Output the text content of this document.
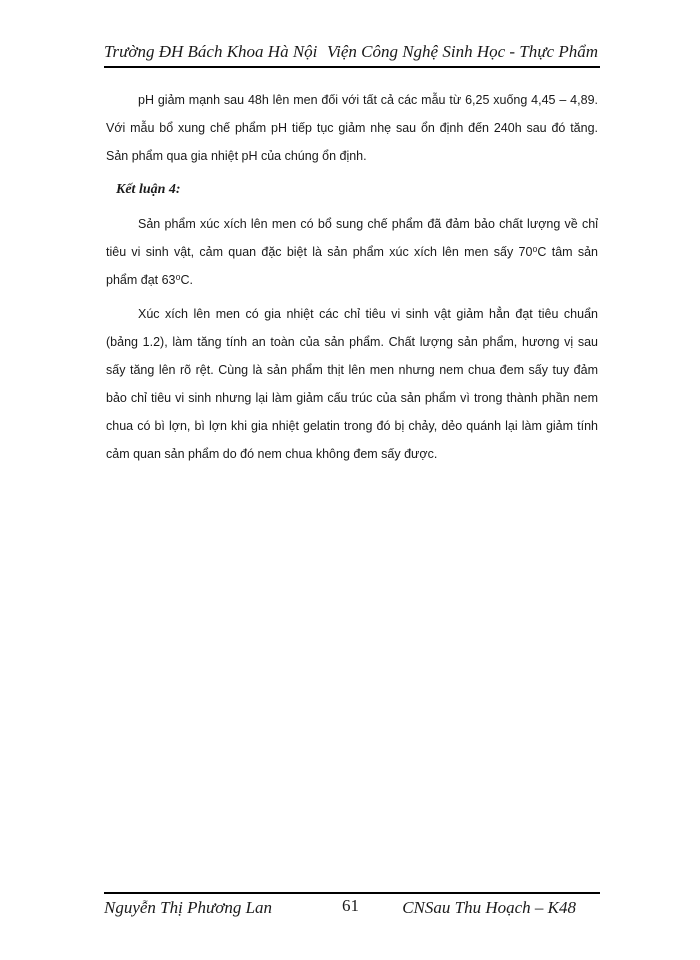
Trường ĐH Bách Khoa Hà Nội Viện Công Nghệ Sinh Học - Thực Phẩm

pH giảm mạnh sau 48h lên men đối với tất cả các mẫu từ 6,25 xuống 4,45 – 4,89. Với mẫu bổ xung chế phẩm pH tiếp tục giảm nhẹ sau ổn định đến 240h sau đó tăng. Sản phẩm qua gia nhiệt pH của chúng ổn định.

Kết luận 4:

Sản phẩm xúc xích lên men có bổ sung chế phẩm đã đảm bảo chất lượng về chỉ tiêu vi sinh vật, cảm quan đặc biệt là sản phẩm xúc xích lên men sấy 70⁰C tâm sản phẩm đạt 63⁰C.

Xúc xích lên men có gia nhiệt các chỉ tiêu vi sinh vật giảm hẳn đạt tiêu chuẩn (bảng 1.2), làm tăng tính an toàn của sản phẩm. Chất lượng sản phẩm, hương vị sau sấy tăng lên rõ rệt. Cùng là sản phẩm thịt lên men nhưng nem chua đem sấy tuy đảm bảo chỉ tiêu vi sinh nhưng lại làm giảm cấu trúc của sản phẩm vì trong thành phần nem chua có bì lợn, bì lợn khi gia nhiệt gelatin trong đó bị chảy, dẻo quánh lại làm giảm tính cảm quan sản phẩm do đó nem chua không đem sấy được.

Nguyễn Thị Phương Lan	61	CNSau Thu Hoạch – K48
